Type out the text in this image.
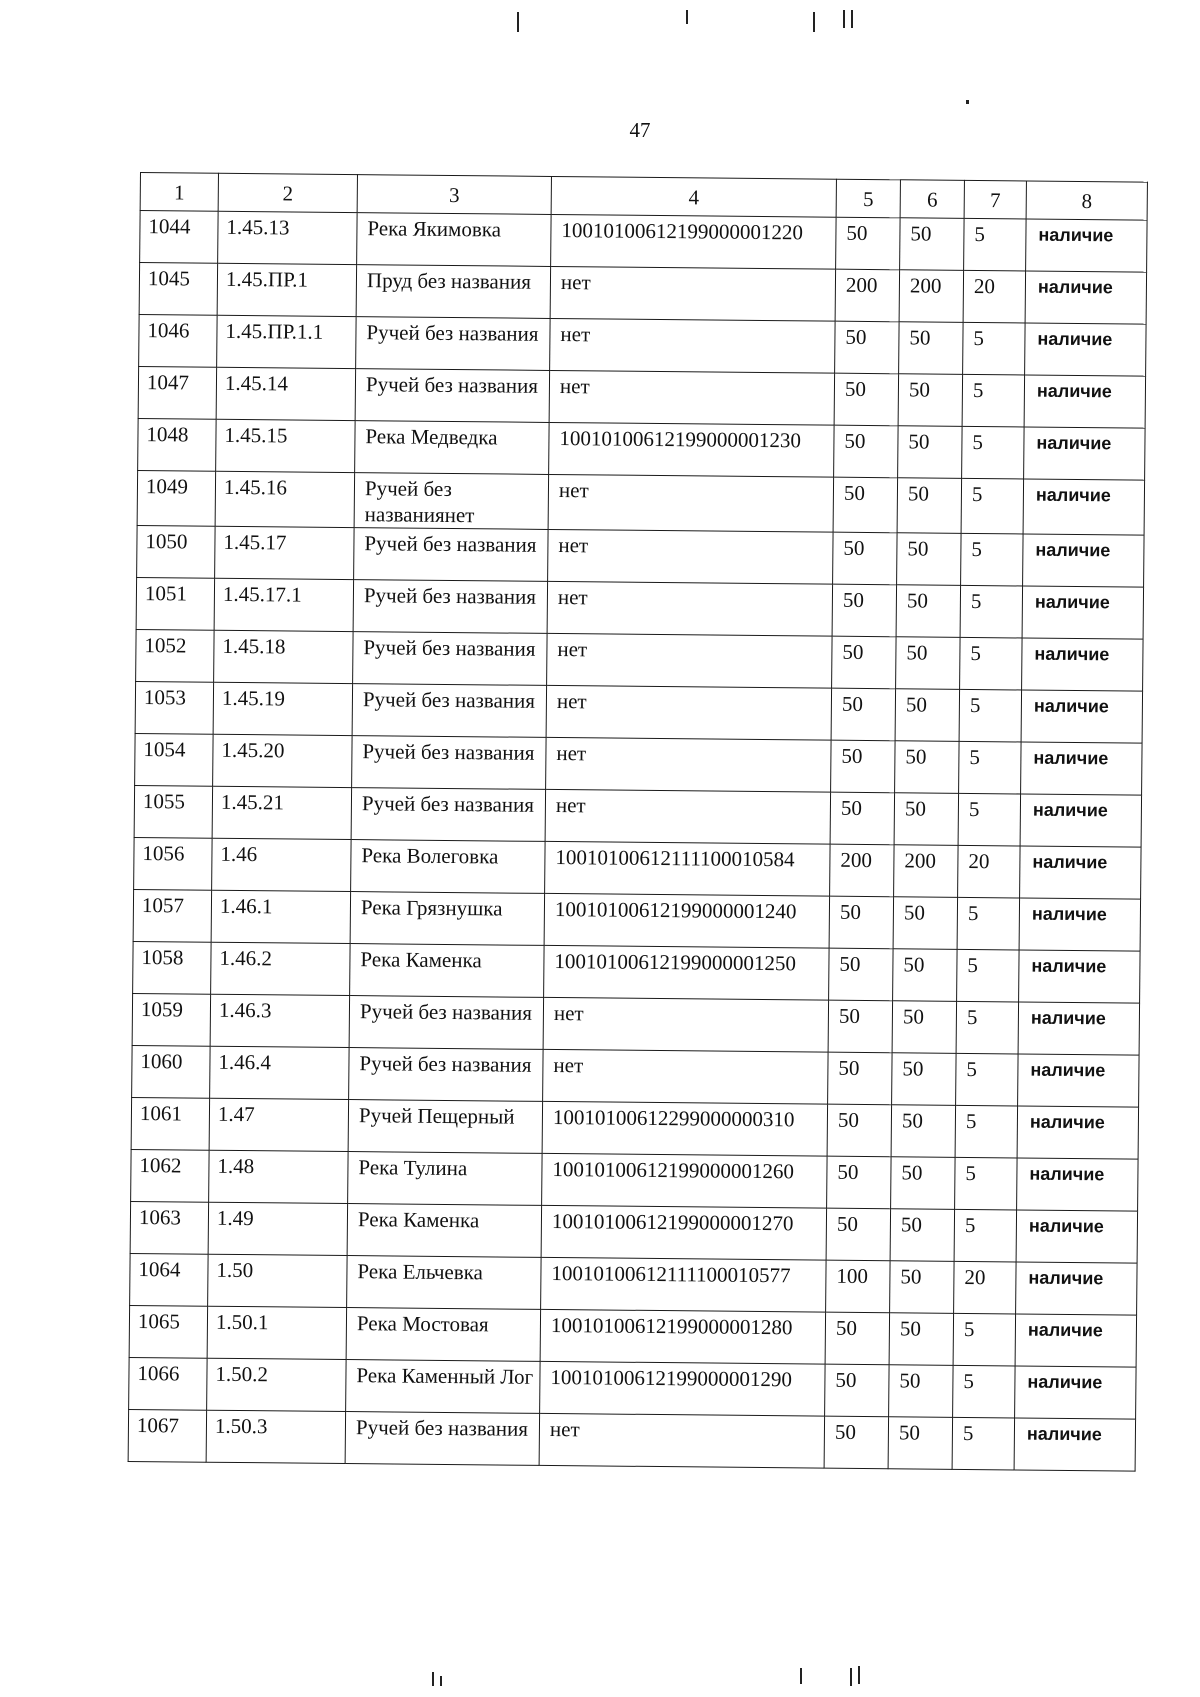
47
1	2	3	4	5	6	7	8
1044	1.45.13	Река Якимовка	10010100612199000001220	50	50	5	наличие
1045	1.45.ПР.1	Пруд без названия	нет	200	200	20	наличие
1046	1.45.ПР.1.1	Ручей без названия	нет	50	50	5	наличие
1047	1.45.14	Ручей без названия	нет	50	50	5	наличие
1048	1.45.15	Река Медведка	10010100612199000001230	50	50	5	наличие
1049	1.45.16	Ручей без названиянет	нет	50	50	5	наличие
1050	1.45.17	Ручей без названия	нет	50	50	5	наличие
1051	1.45.17.1	Ручей без названия	нет	50	50	5	наличие
1052	1.45.18	Ручей без названия	нет	50	50	5	наличие
1053	1.45.19	Ручей без названия	нет	50	50	5	наличие
1054	1.45.20	Ручей без названия	нет	50	50	5	наличие
1055	1.45.21	Ручей без названия	нет	50	50	5	наличие
1056	1.46	Река Волеговка	10010100612111100010584	200	200	20	наличие
1057	1.46.1	Река Грязнушка	10010100612199000001240	50	50	5	наличие
1058	1.46.2	Река Каменка	10010100612199000001250	50	50	5	наличие
1059	1.46.3	Ручей без названия	нет	50	50	5	наличие
1060	1.46.4	Ручей без названия	нет	50	50	5	наличие
1061	1.47	Ручей Пещерный	10010100612299000000310	50	50	5	наличие
1062	1.48	Река Тулина	10010100612199000001260	50	50	5	наличие
1063	1.49	Река Каменка	10010100612199000001270	50	50	5	наличие
1064	1.50	Река Ельчевка	10010100612111100010577	100	50	20	наличие
1065	1.50.1	Река Мостовая	10010100612199000001280	50	50	5	наличие
1066	1.50.2	Река Каменный Лог	10010100612199000001290	50	50	5	наличие
1067	1.50.3	Ручей без названия	нет	50	50	5	наличие
